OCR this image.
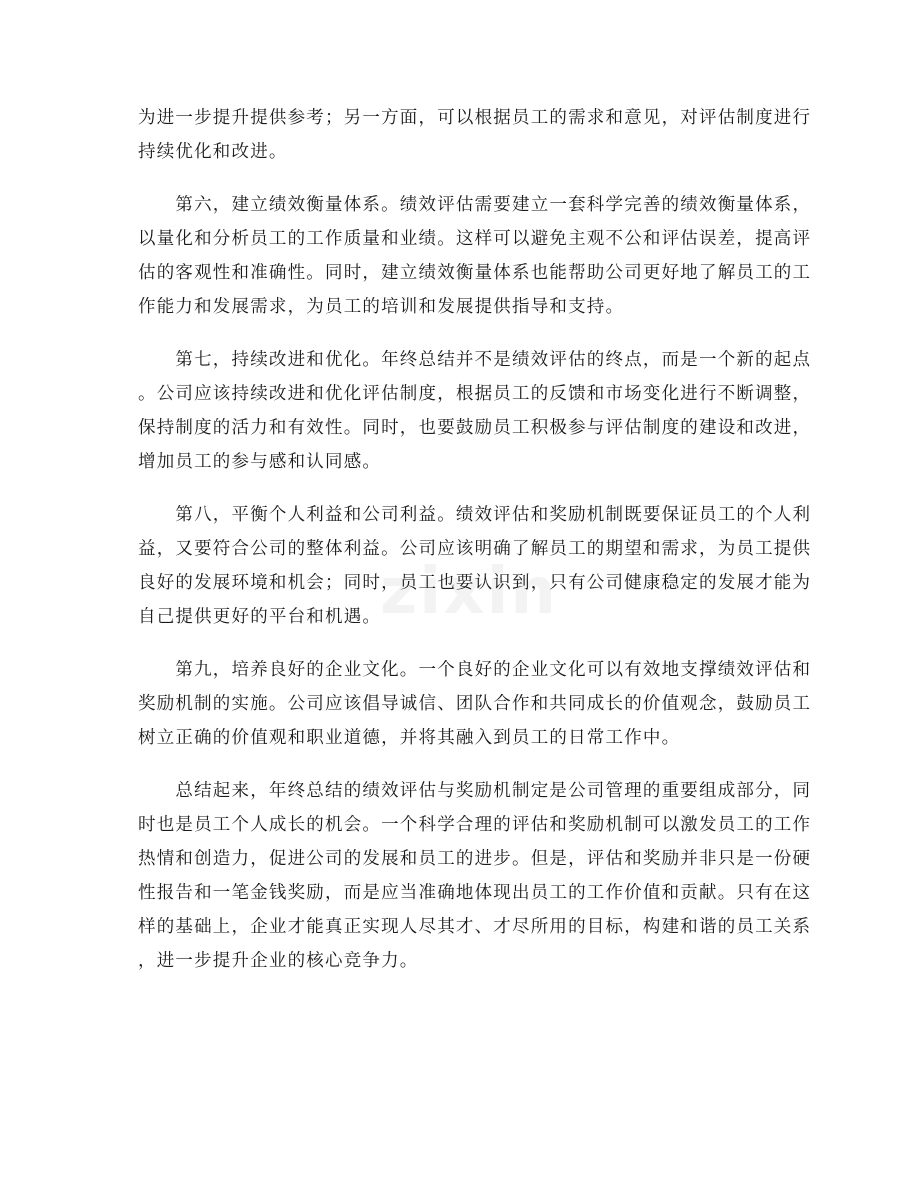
zixin
为进一步提升提供参考；另一方面，可以根据员工的需求和意见，对评估制度进行
持续优化和改进。
　　第六，建立绩效衡量体系。绩效评估需要建立一套科学完善的绩效衡量体系，
以量化和分析员工的工作质量和业绩。这样可以避免主观不公和评估误差，提高评
估的客观性和准确性。同时，建立绩效衡量体系也能帮助公司更好地了解员工的工
作能力和发展需求，为员工的培训和发展提供指导和支持。
　　第七，持续改进和优化。年终总结并不是绩效评估的终点，而是一个新的起点
。公司应该持续改进和优化评估制度，根据员工的反馈和市场变化进行不断调整，
保持制度的活力和有效性。同时，也要鼓励员工积极参与评估制度的建设和改进，
增加员工的参与感和认同感。
　　第八，平衡个人利益和公司利益。绩效评估和奖励机制既要保证员工的个人利
益，又要符合公司的整体利益。公司应该明确了解员工的期望和需求，为员工提供
良好的发展环境和机会；同时，员工也要认识到，只有公司健康稳定的发展才能为
自己提供更好的平台和机遇。
　　第九，培养良好的企业文化。一个良好的企业文化可以有效地支撑绩效评估和
奖励机制的实施。公司应该倡导诚信、团队合作和共同成长的价值观念，鼓励员工
树立正确的价值观和职业道德，并将其融入到员工的日常工作中。
　　总结起来，年终总结的绩效评估与奖励机制定是公司管理的重要组成部分，同
时也是员工个人成长的机会。一个科学合理的评估和奖励机制可以激发员工的工作
热情和创造力，促进公司的发展和员工的进步。但是，评估和奖励并非只是一份硬
性报告和一笔金钱奖励，而是应当准确地体现出员工的工作价值和贡献。只有在这
样的基础上，企业才能真正实现人尽其才、才尽所用的目标，构建和谐的员工关系
，进一步提升企业的核心竞争力。
